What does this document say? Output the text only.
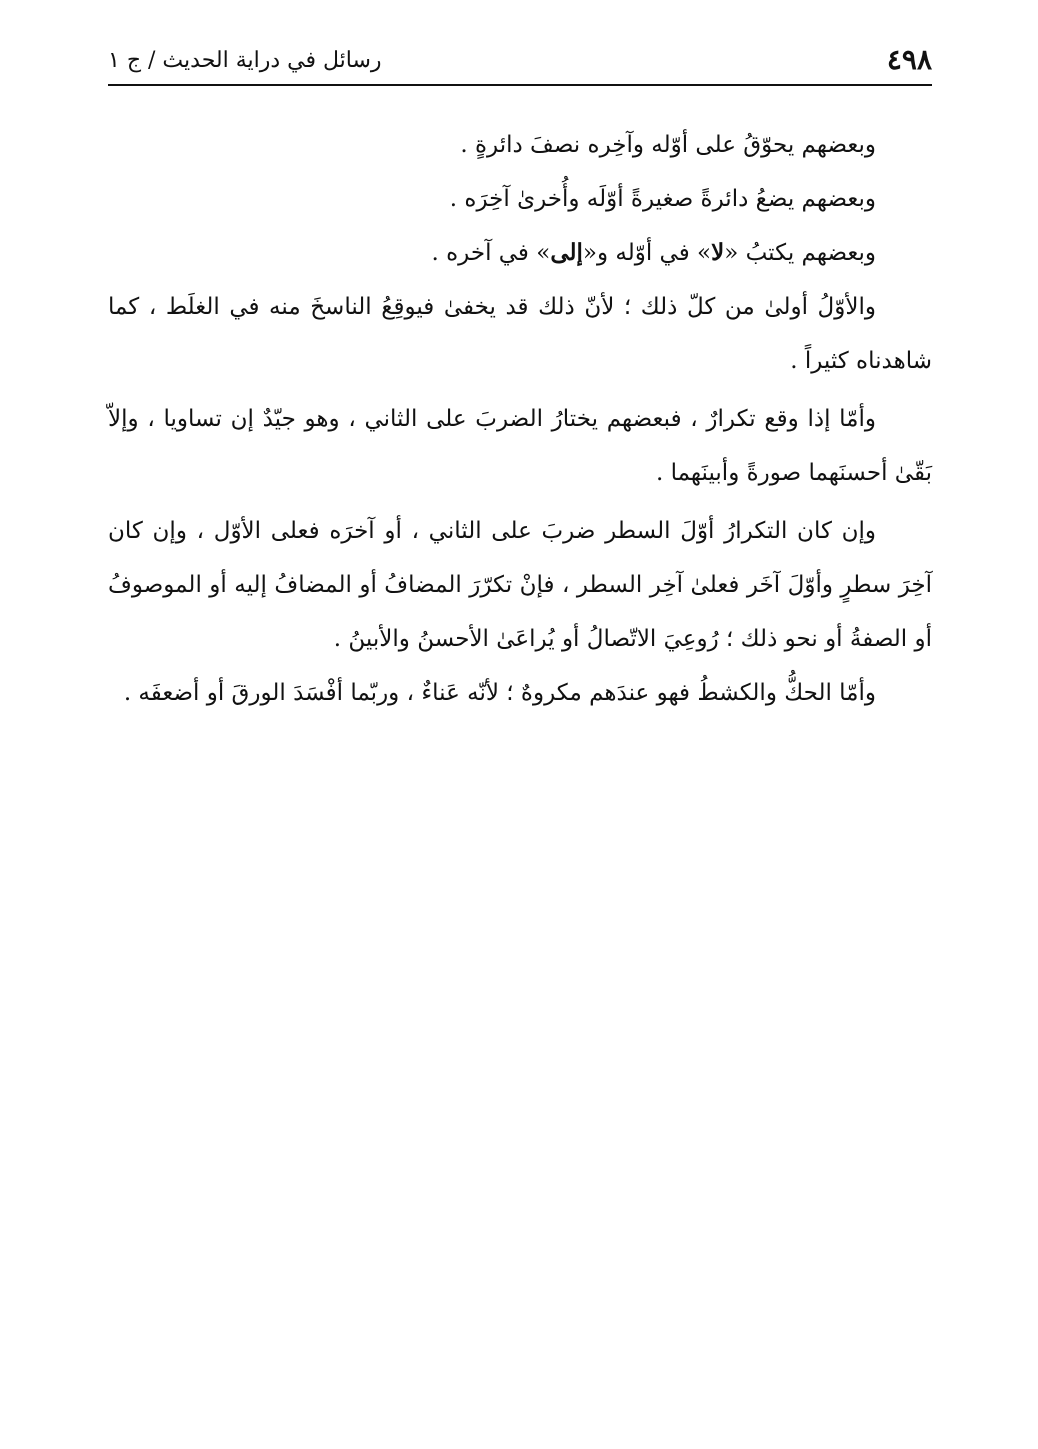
٤٩٨
رسائل في دراية الحديث / ج ١

وبعضهم يحوّقُ على أوّله وآخِره نصفَ دائرةٍ .

وبعضهم يضعُ دائرةً صغيرةً أوّلَه وأُخرىٰ آخِرَه .

وبعضهم يكتبُ «لا» في أوّله و«إلى» في آخره .

والأوّلُ أولىٰ من كلّ ذلك ؛ لأنّ ذلك قد يخفىٰ فيوقِعُ الناسخَ منه في الغلَط ، كما شاهدناه كثيراً .

وأمّا إذا وقع تكرارٌ ، فبعضهم يختارُ الضربَ على الثاني ، وهو جيّدٌ إن تساويا ، وإلاّ بَقّىٰ أحسنَهما صورةً وأبينَهما .

وإن كان التكرارُ أوّلَ السطر ضربَ على الثاني ، أو آخرَه فعلى الأوّل ، وإن كان آخِرَ سطرٍ وأوّلَ آخَر فعلىٰ آخِر السطر ، فإنْ تكرّرَ المضافُ أو المضافُ إليه أو الموصوفُ أو الصفةُ أو نحو ذلك ؛ رُوعِيَ الاتّصالُ أو يُراعَىٰ الأحسنُ والأبينُ .

وأمّا الحكُّ والكشطُ فهو عندَهم مكروهٌ ؛ لأنّه عَناءٌ ، وربّما أفْسَدَ الورقَ أو أضعفَه .
